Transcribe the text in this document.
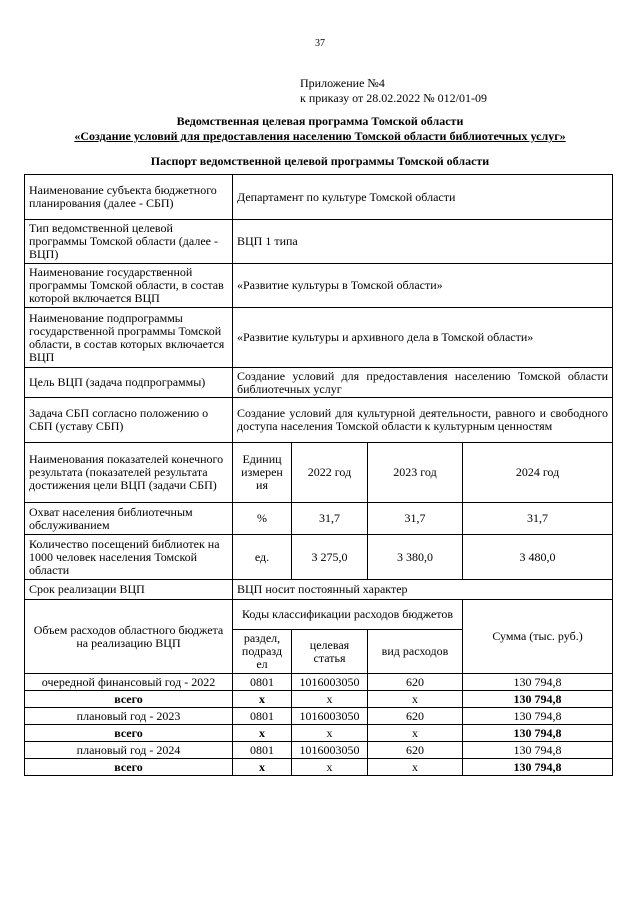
37
Приложение №4
к приказу от 28.02.2022 № 012/01-09
Ведомственная целевая программа Томской области
«Создание условий для предоставления населению Томской области библиотечных услуг»
Паспорт ведомственной целевой программы Томской области
Наименование субъекта бюджетного планирования (далее - СБП)	Департамент по культуре Томской области			
Тип ведомственной целевой программы Томской области (далее - ВЦП)	ВЦП 1 типа			
Наименование государственной программы Томской области, в состав которой включается ВЦП	«Развитие культуры в Томской области»			
Наименование подпрограммы государственной программы Томской области, в состав которых включается ВЦП	«Развитие культуры и архивного дела в Томской области»			
Цель ВЦП (задача подпрограммы)	Создание условий для предоставления населению Томской области библиотечных услуг			
Задача СБП согласно положению о СБП (уставу СБП)	Создание условий для культурной деятельности, равного и свободного доступа населения Томской области к культурным ценностям			
Наименования показателей конечного результата (показателей результата достижения цели ВЦП (задачи СБП)	Единиц измерен ия	2022 год	2023 год	2024 год
Охват населения библиотечным обслуживанием	%	31,7	31,7	31,7
Количество посещений библиотек на 1000 человек населения Томской области	ед.	3 275,0	3 380,0	3 480,0
Срок реализации ВЦП	ВЦП носит постоянный характер			
Объем расходов областного бюджета на реализацию ВЦП	Коды классификации расходов бюджетов			Сумма (тыс. руб.)
	раздел, подразд ел	целевая статья	вид расходов	
очередной финансовый год - 2022	0801	1016003050	620	130 794,8
всего	x	x	x	130 794,8
плановый год - 2023	0801	1016003050	620	130 794,8
всего	x	x	x	130 794,8
плановый год - 2024	0801	1016003050	620	130 794,8
всего	x	x	x	130 794,8
